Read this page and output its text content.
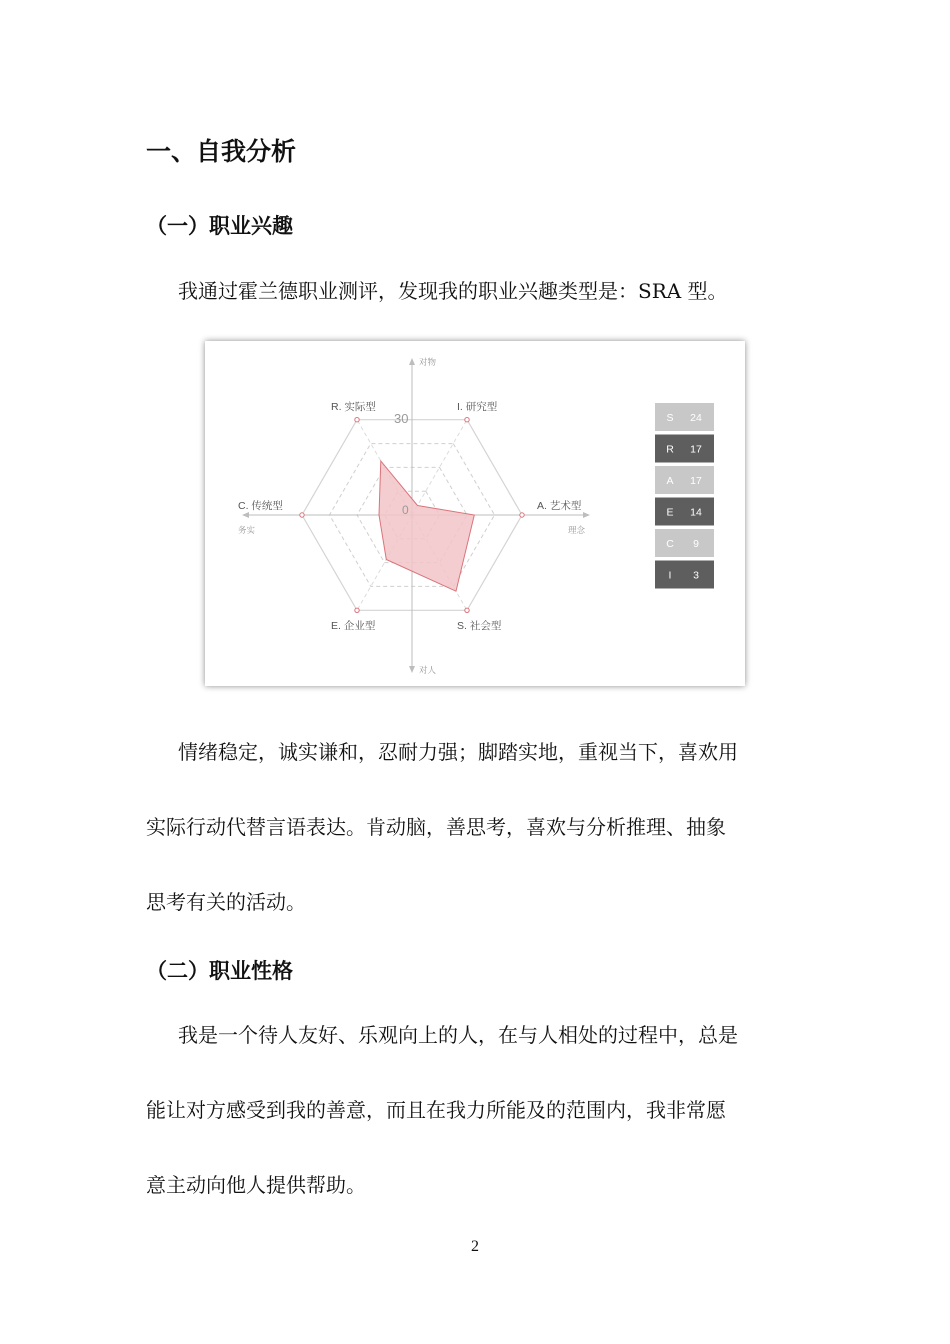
一、自我分析
（一）职业兴趣

我通过霍兰德职业测评，发现我的职业兴趣类型是：SRA 型。

30
0
I. 研究型
A. 艺术型
S. 社会型
E. 企业型
C. 传统型
R. 实际型
对物
对人
务实	理念
S 24
R 17
A 17
E 14
C 9
I 3

情绪稳定，诚实谦和，忍耐力强；脚踏实地，重视当下，喜欢用

实际行动代替言语表达。肯动脑，善思考，喜欢与分析推理、抽象

思考有关的活动。

（二）职业性格

我是一个待人友好、乐观向上的人，在与人相处的过程中，总是

能让对方感受到我的善意，而且在我力所能及的范围内，我非常愿

意主动向他人提供帮助。

2
